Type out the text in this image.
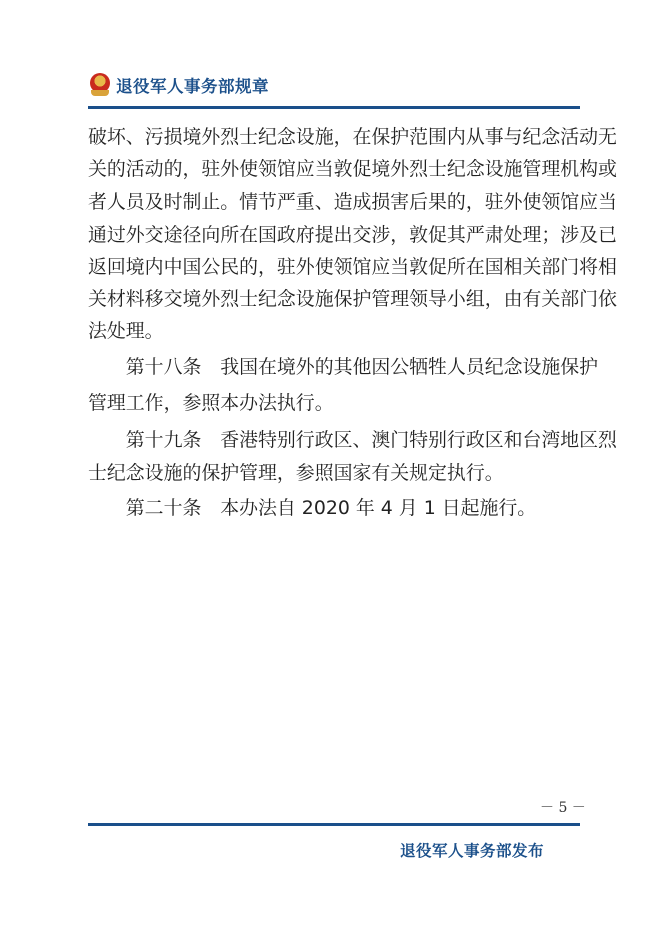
退役军人事务部规章
破坏、污损境外烈士纪念设施，在保护范围内从事与纪念活动无
关的活动的，驻外使领馆应当敦促境外烈士纪念设施管理机构或
者人员及时制止。情节严重、造成损害后果的，驻外使领馆应当
通过外交途径向所在国政府提出交涉，敦促其严肃处理；涉及已
返回境内中国公民的，驻外使领馆应当敦促所在国相关部门将相
关材料移交境外烈士纪念设施保护管理领导小组，由有关部门依
法处理。
　　第十八条　我国在境外的其他因公牺牲人员纪念设施保护
管理工作，参照本办法执行。
　　第十九条　香港特别行政区、澳门特别行政区和台湾地区烈
士纪念设施的保护管理，参照国家有关规定执行。
　　第二十条　本办法自 2020 年 4 月 1 日起施行。
－ 5 －
退役军人事务部发布
